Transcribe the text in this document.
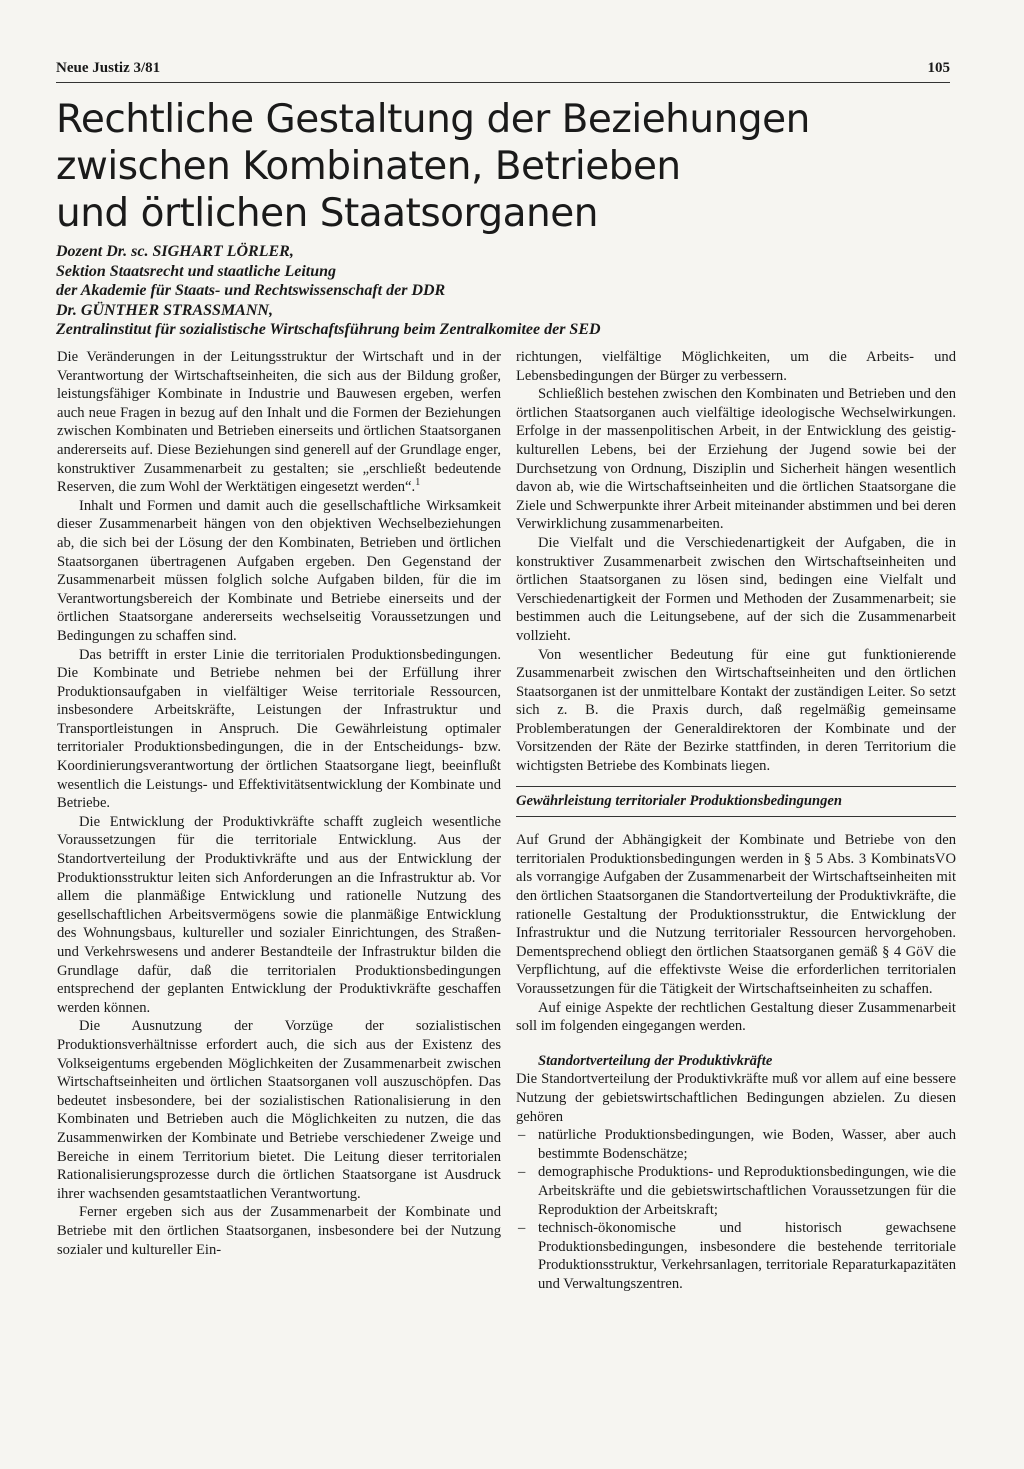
Neue Justiz 3/81	105
Rechtliche Gestaltung der Beziehungen
zwischen Kombinaten, Betrieben
und örtlichen Staatsorganen
Dozent Dr. sc. SIGHART LÖRLER,
Sektion Staatsrecht und staatliche Leitung
der Akademie für Staats- und Rechtswissenschaft der DDR
Dr. GÜNTHER STRASSMANN,
Zentralinstitut für sozialistische Wirtschaftsführung beim Zentralkomitee der SED

Die Veränderungen in der Leitungsstruktur der Wirtschaft und in der Verantwortung der Wirtschaftseinheiten, die sich aus der Bildung großer, leistungsfähiger Kombinate in Industrie und Bauwesen ergeben, werfen auch neue Fragen in bezug auf den Inhalt und die Formen der Beziehungen zwischen Kombinaten und Betrieben einerseits und örtlichen Staatsorganen andererseits auf. Diese Beziehungen sind generell auf der Grundlage enger, konstruktiver Zusammenarbeit zu gestalten; sie „erschließt bedeutende Reserven, die zum Wohl der Werktätigen eingesetzt werden“.$^1$

Inhalt und Formen und damit auch die gesellschaftliche Wirksamkeit dieser Zusammenarbeit hängen von den objektiven Wechselbeziehungen ab, die sich bei der Lösung der den Kombinaten, Betrieben und örtlichen Staatsorganen übertragenen Aufgaben ergeben. Den Gegenstand der Zusammenarbeit müssen folglich solche Aufgaben bilden, für die im Verantwortungsbereich der Kombinate und Betriebe einerseits und der örtlichen Staatsorgane andererseits wechselseitig Voraussetzungen und Bedingungen zu schaffen sind.

Das betrifft in erster Linie die territorialen Produktionsbedingungen. Die Kombinate und Betriebe nehmen bei der Erfüllung ihrer Produktionsaufgaben in vielfältiger Weise territoriale Ressourcen, insbesondere Arbeitskräfte, Leistungen der Infrastruktur und Transportleistungen in Anspruch. Die Gewährleistung optimaler territorialer Produktionsbedingungen, die in der Entscheidungs- bzw. Koordinierungsverantwortung der örtlichen Staatsorgane liegt, beeinflußt wesentlich die Leistungs- und Effektivitätsentwicklung der Kombinate und Betriebe.

Die Entwicklung der Produktivkräfte schafft zugleich wesentliche Voraussetzungen für die territoriale Entwicklung. Aus der Standortverteilung der Produktivkräfte und aus der Entwicklung der Produktionsstruktur leiten sich Anforderungen an die Infrastruktur ab. Vor allem die planmäßige Entwicklung und rationelle Nutzung des gesellschaftlichen Arbeitsvermögens sowie die planmäßige Entwicklung des Wohnungsbaus, kultureller und sozialer Einrichtungen, des Straßen- und Verkehrswesens und anderer Bestandteile der Infrastruktur bilden die Grundlage dafür, daß die territorialen Produktionsbedingungen entsprechend der geplanten Entwicklung der Produktivkräfte geschaffen werden können.

Die Ausnutzung der Vorzüge der sozialistischen Produktionsverhältnisse erfordert auch, die sich aus der Existenz des Volkseigentums ergebenden Möglichkeiten der Zusammenarbeit zwischen Wirtschaftseinheiten und örtlichen Staatsorganen voll auszuschöpfen. Das bedeutet insbesondere, bei der sozialistischen Rationalisierung in den Kombinaten und Betrieben auch die Möglichkeiten zu nutzen, die das Zusammenwirken der Kombinate und Betriebe verschiedener Zweige und Bereiche in einem Territorium bietet. Die Leitung dieser territorialen Rationalisierungsprozesse durch die örtlichen Staatsorgane ist Ausdruck ihrer wachsenden gesamtstaatlichen Verantwortung.

Ferner ergeben sich aus der Zusammenarbeit der Kombinate und Betriebe mit den örtlichen Staatsorganen, insbesondere bei der Nutzung sozialer und kultureller Ein-

richtungen, vielfältige Möglichkeiten, um die Arbeits- und Lebensbedingungen der Bürger zu verbessern.

Schließlich bestehen zwischen den Kombinaten und Betrieben und den örtlichen Staatsorganen auch vielfältige ideologische Wechselwirkungen. Erfolge in der massenpolitischen Arbeit, in der Entwicklung des geistig-kulturellen Lebens, bei der Erziehung der Jugend sowie bei der Durchsetzung von Ordnung, Disziplin und Sicherheit hängen wesentlich davon ab, wie die Wirtschaftseinheiten und die örtlichen Staatsorgane die Ziele und Schwerpunkte ihrer Arbeit miteinander abstimmen und bei deren Verwirklichung zusammenarbeiten.

Die Vielfalt und die Verschiedenartigkeit der Aufgaben, die in konstruktiver Zusammenarbeit zwischen den Wirtschaftseinheiten und örtlichen Staatsorganen zu lösen sind, bedingen eine Vielfalt und Verschiedenartigkeit der Formen und Methoden der Zusammenarbeit; sie bestimmen auch die Leitungsebene, auf der sich die Zusammenarbeit vollzieht.

Von wesentlicher Bedeutung für eine gut funktionierende Zusammenarbeit zwischen den Wirtschaftseinheiten und den örtlichen Staatsorganen ist der unmittelbare Kontakt der zuständigen Leiter. So setzt sich z. B. die Praxis durch, daß regelmäßig gemeinsame Problemberatungen der Generaldirektoren der Kombinate und der Vorsitzenden der Räte der Bezirke stattfinden, in deren Territorium die wichtigsten Betriebe des Kombinats liegen.

Gewährleistung territorialer Produktionsbedingungen

Auf Grund der Abhängigkeit der Kombinate und Betriebe von den territorialen Produktionsbedingungen werden in § 5 Abs. 3 KombinatsVO als vorrangige Aufgaben der Zusammenarbeit der Wirtschaftseinheiten mit den örtlichen Staatsorganen die Standortverteilung der Produktivkräfte, die rationelle Gestaltung der Produktionsstruktur, die Entwicklung der Infrastruktur und die Nutzung territorialer Ressourcen hervorgehoben. Dementsprechend obliegt den örtlichen Staatsorganen gemäß § 4 GöV die Verpflichtung, auf die effektivste Weise die erforderlichen territorialen Voraussetzungen für die Tätigkeit der Wirtschaftseinheiten zu schaffen.

Auf einige Aspekte der rechtlichen Gestaltung dieser Zusammenarbeit soll im folgenden eingegangen werden.

Standortverteilung der Produktivkräfte

Die Standortverteilung der Produktivkräfte muß vor allem auf eine bessere Nutzung der gebietswirtschaftlichen Bedingungen abzielen. Zu diesen gehören

– natürliche Produktionsbedingungen, wie Boden, Wasser, aber auch bestimmte Bodenschätze;
– demographische Produktions- und Reproduktionsbedingungen, wie die Arbeitskräfte und die gebietswirtschaftlichen Voraussetzungen für die Reproduktion der Arbeitskraft;
– technisch-ökonomische und historisch gewachsene Produktionsbedingungen, insbesondere die bestehende territoriale Produktionsstruktur, Verkehrsanlagen, territoriale Reparaturkapazitäten und Verwaltungszentren.
